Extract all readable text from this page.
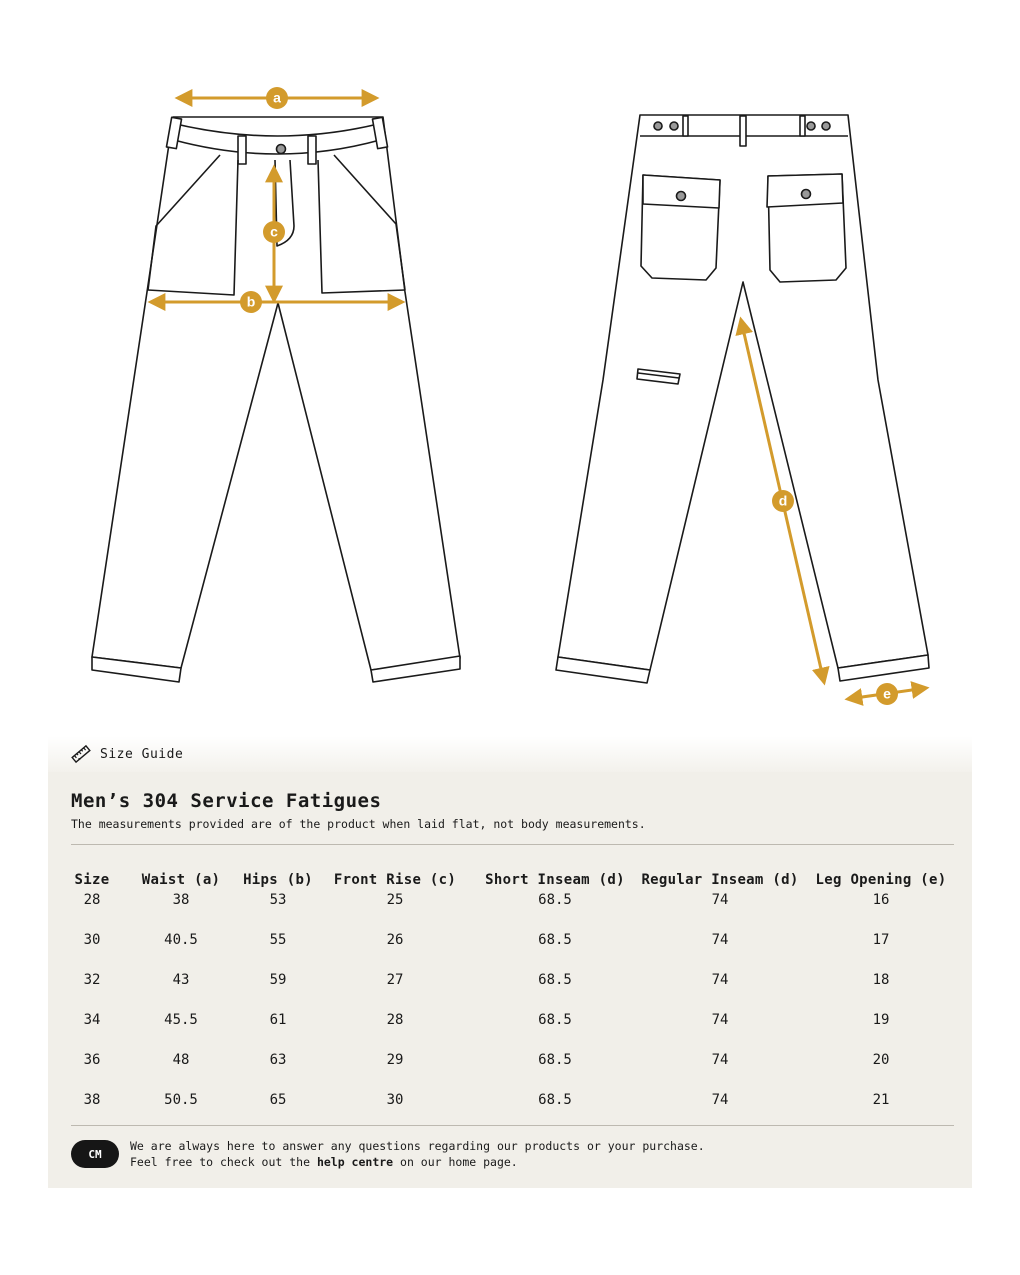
a
b
c
d
e
Size Guide
Men’s 304 Service Fatigues
The measurements provided are of the product when laid flat, not body measurements.
Size	Waist (a)	Hips (b)	Front Rise (c)	Short Inseam (d)	Regular Inseam (d)	Leg Opening (e)
28	38	53	25	68.5	74	16
30	40.5	55	26	68.5	74	17
32	43	59	27	68.5	74	18
34	45.5	61	28	68.5	74	19
36	48	63	29	68.5	74	20
38	50.5	65	30	68.5	74	21
CM
We are always here to answer any questions regarding our products or your purchase.
Feel free to check out the help centre on our home page.
